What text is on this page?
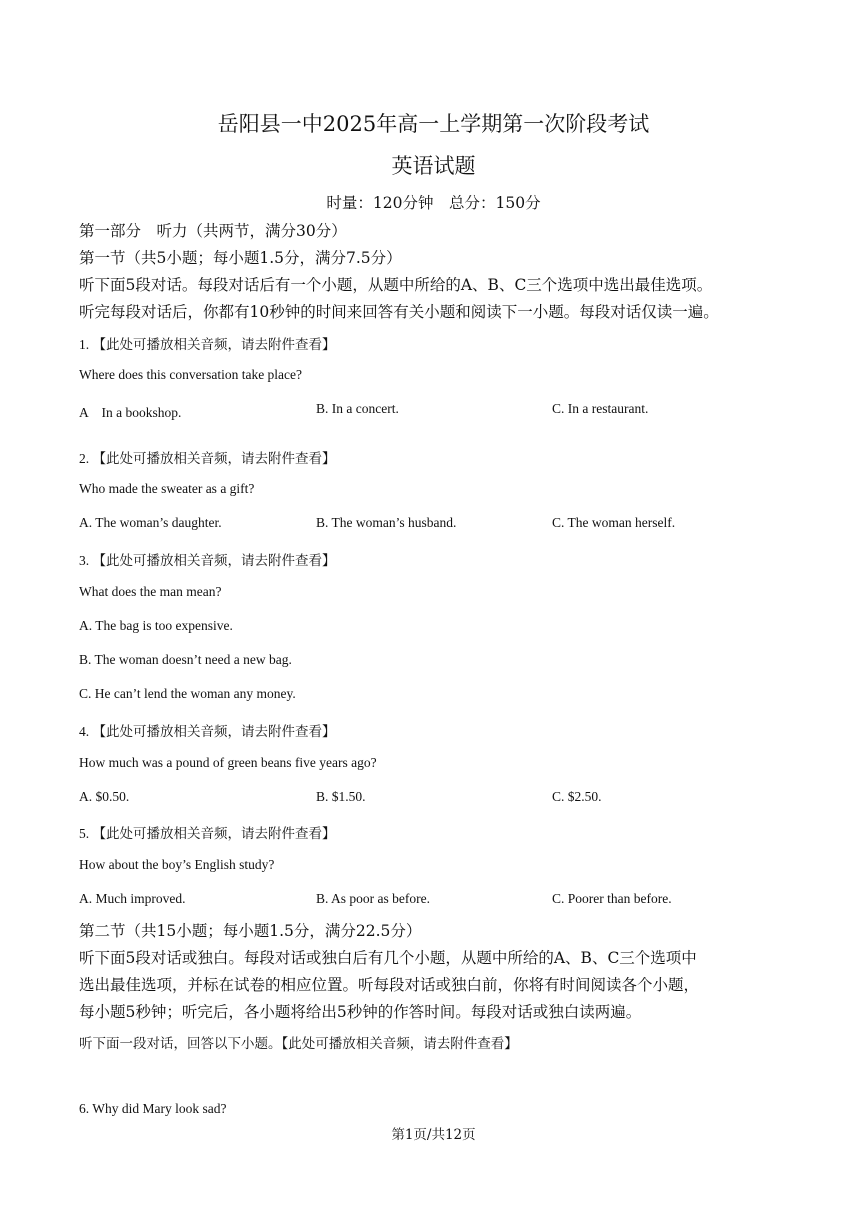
岳阳县一中2025年高一上学期第一次阶段考试
英语试题
时量：120分钟　总分：150分
第一部分　听力（共两节，满分30分）
第一节（共5小题；每小题1.5分，满分7.5分）
听下面5段对话。每段对话后有一个小题，从题中所给的A、B、C三个选项中选出最佳选项。
听完每段对话后，你都有10秒钟的时间来回答有关小题和阅读下一小题。每段对话仅读一遍。
1. 【此处可播放相关音频，请去附件查看】
Where does this conversation take place?
A　In a bookshop.	B. In a concert.	C. In a restaurant.
2. 【此处可播放相关音频，请去附件查看】
Who made the sweater as a gift?
A. The woman’s daughter.	B. The woman’s husband.	C. The woman herself.
3. 【此处可播放相关音频，请去附件查看】
What does the man mean?
A. The bag is too expensive.
B. The woman doesn’t need a new bag.
C. He can’t lend the woman any money.
4. 【此处可播放相关音频，请去附件查看】
How much was a pound of green beans five years ago?
A. $0.50.	B. $1.50.	C. $2.50.
5. 【此处可播放相关音频，请去附件查看】
How about the boy’s English study?
A. Much improved.	B. As poor as before.	C. Poorer than before.
第二节（共15小题；每小题1.5分，满分22.5分）
听下面5段对话或独白。每段对话或独白后有几个小题，从题中所给的A、B、C三个选项中
选出最佳选项，并标在试卷的相应位置。听每段对话或独白前，你将有时间阅读各个小题，
每小题5秒钟；听完后，各小题将给出5秒钟的作答时间。每段对话或独白读两遍。
听下面一段对话，回答以下小题。【此处可播放相关音频，请去附件查看】
6. Why did Mary look sad?
第1页/共12页
